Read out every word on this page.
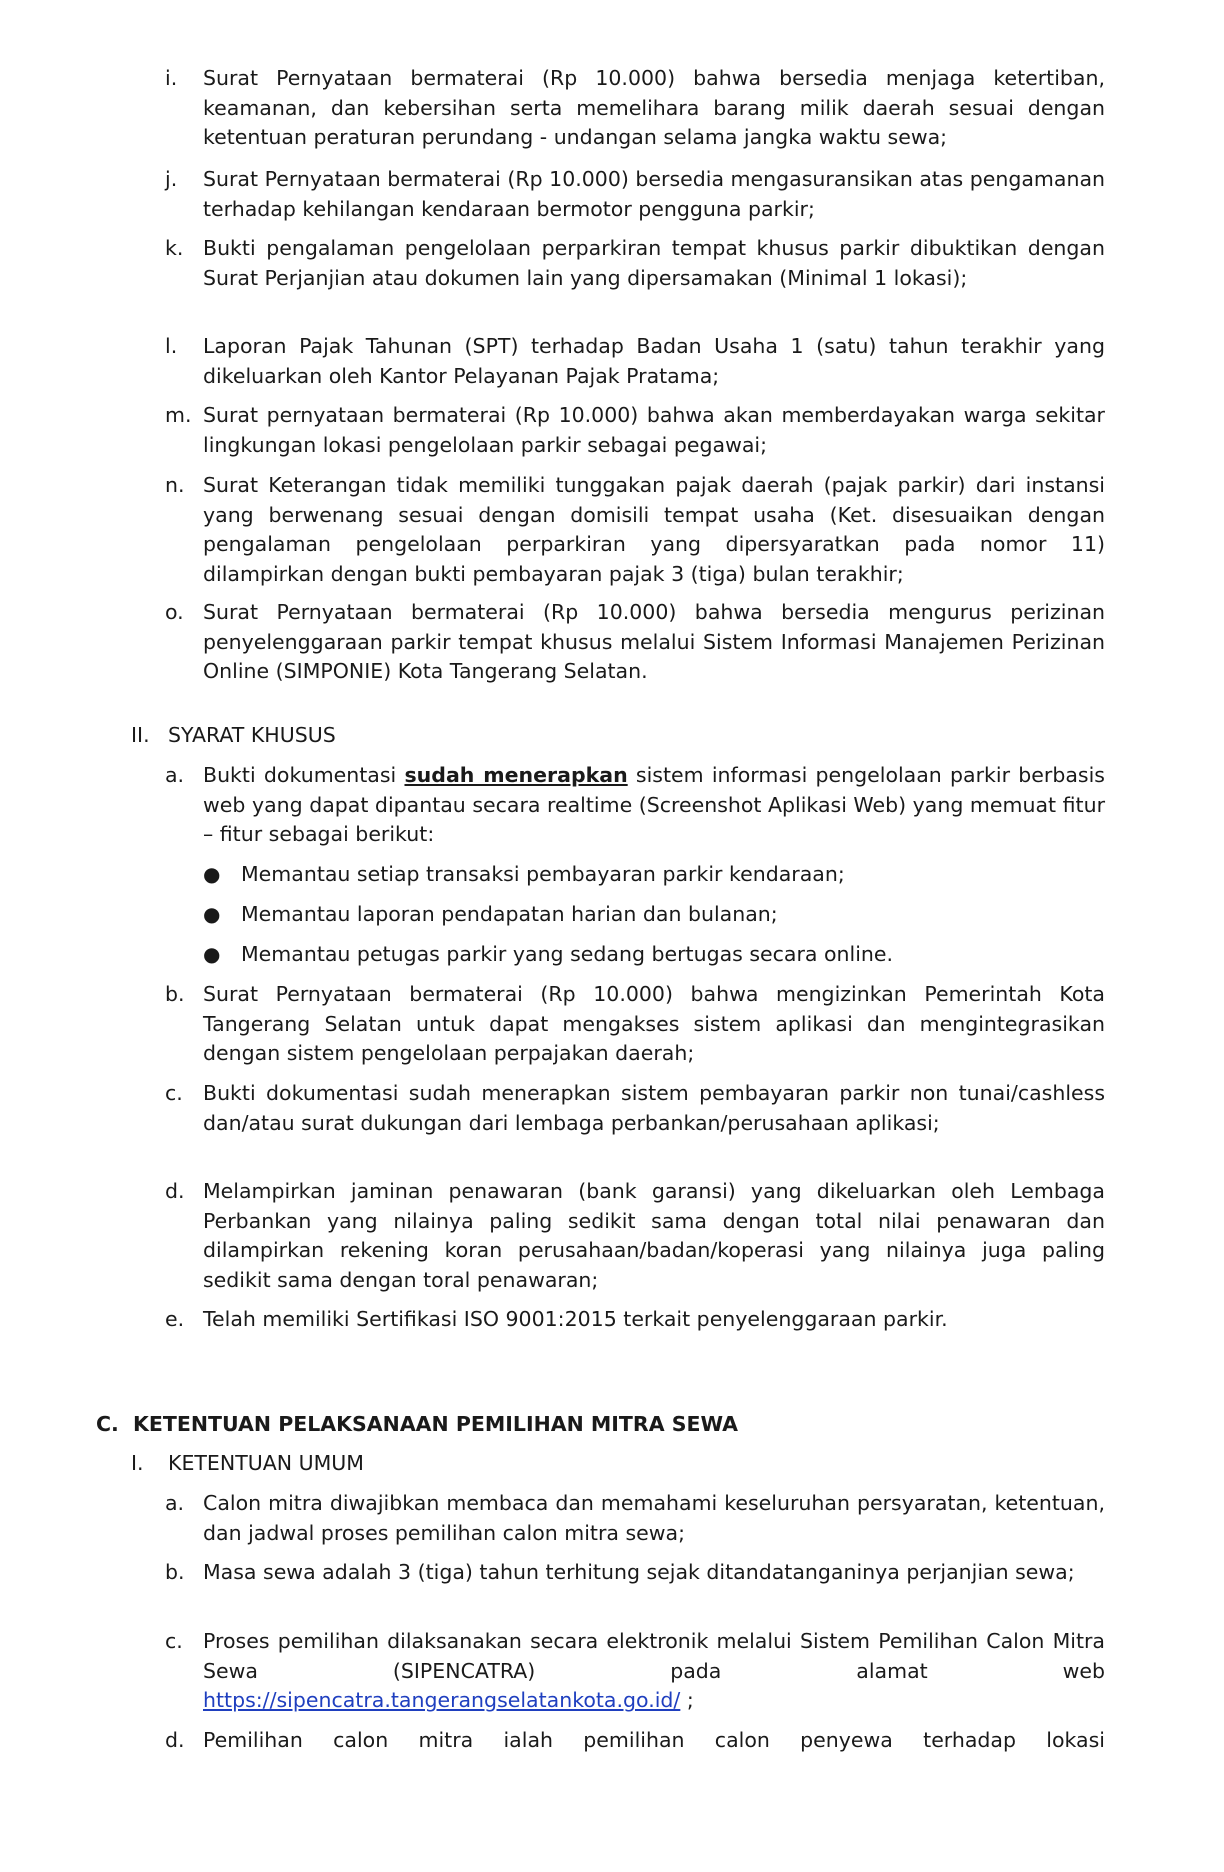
i.	Surat Pernyataan bermaterai (Rp 10.000) bahwa bersedia menjaga ketertiban, keamanan, dan kebersihan serta memelihara barang milik daerah sesuai dengan ketentuan peraturan perundang - undangan selama jangka waktu sewa;
j.	Surat Pernyataan bermaterai (Rp 10.000) bersedia mengasuransikan atas pengamanan terhadap kehilangan kendaraan bermotor pengguna parkir;
k. Bukti pengalaman pengelolaan perparkiran tempat khusus parkir dibuktikan dengan Surat Perjanjian atau dokumen lain yang dipersamakan (Minimal 1 lokasi);
l.	Laporan Pajak Tahunan (SPT) terhadap Badan Usaha 1 (satu) tahun terakhir yang dikeluarkan oleh Kantor Pelayanan Pajak Pratama;
m. Surat pernyataan bermaterai (Rp 10.000) bahwa akan memberdayakan warga sekitar lingkungan lokasi pengelolaan parkir sebagai pegawai;
n. Surat Keterangan tidak memiliki tunggakan pajak daerah (pajak parkir) dari instansi yang berwenang sesuai dengan domisili tempat usaha (Ket. disesuaikan dengan pengalaman pengelolaan perparkiran yang dipersyaratkan pada nomor 11) dilampirkan dengan bukti pembayaran pajak 3 (tiga) bulan terakhir;
o. Surat Pernyataan bermaterai (Rp 10.000) bahwa bersedia mengurus perizinan penyelenggaraan parkir tempat khusus melalui Sistem Informasi Manajemen Perizinan Online (SIMPONIE) Kota Tangerang Selatan.
II. SYARAT KHUSUS
a. Bukti dokumentasi sudah menerapkan sistem informasi pengelolaan parkir berbasis web yang dapat dipantau secara realtime (Screenshot Aplikasi Web) yang memuat fitur – fitur sebagai berikut:
● Memantau setiap transaksi pembayaran parkir kendaraan;
● Memantau laporan pendapatan harian dan bulanan;
● Memantau petugas parkir yang sedang bertugas secara online.
b. Surat Pernyataan bermaterai (Rp 10.000) bahwa mengizinkan Pemerintah Kota Tangerang Selatan untuk dapat mengakses sistem aplikasi dan mengintegrasikan dengan sistem pengelolaan perpajakan daerah;
c. Bukti dokumentasi sudah menerapkan sistem pembayaran parkir non tunai/cashless dan/atau surat dukungan dari lembaga perbankan/perusahaan aplikasi;
d. Melampirkan jaminan penawaran (bank garansi) yang dikeluarkan oleh Lembaga Perbankan yang nilainya paling sedikit sama dengan total nilai penawaran dan dilampirkan rekening koran perusahaan/badan/koperasi yang nilainya juga paling sedikit sama dengan toral penawaran;
e. Telah memiliki Sertifikasi ISO 9001:2015 terkait penyelenggaraan parkir.
C. KETENTUAN PELAKSANAAN PEMILIHAN MITRA SEWA
I. KETENTUAN UMUM
a. Calon mitra diwajibkan membaca dan memahami keseluruhan persyaratan, ketentuan, dan jadwal proses pemilihan calon mitra sewa;
b. Masa sewa adalah 3 (tiga) tahun terhitung sejak ditandatanganinya perjanjian sewa;
c. Proses pemilihan dilaksanakan secara elektronik melalui Sistem Pemilihan Calon Mitra Sewa (SIPENCATRA) pada alamat web
https://sipencatra.tangerangselatankota.go.id/ ;
d. Pemilihan calon mitra ialah pemilihan calon penyewa terhadap lokasi
